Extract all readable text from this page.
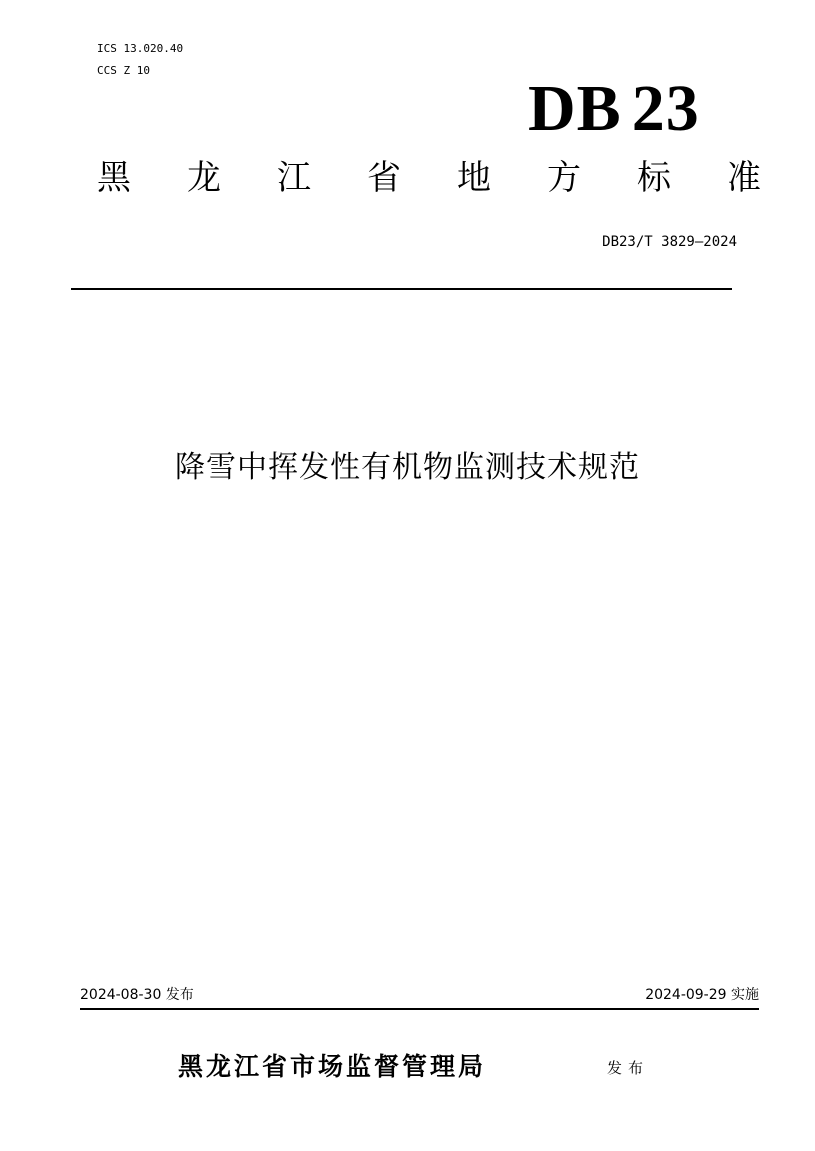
ICS 13.020.40
CCS Z 10
DB 23
黑 龙 江 省 地 方 标 准
DB23/T 3829—2024
降雪中挥发性有机物监测技术规范
2024-08-30 发布	2024-09-29 实施
黑龙江省市场监督管理局	发布
